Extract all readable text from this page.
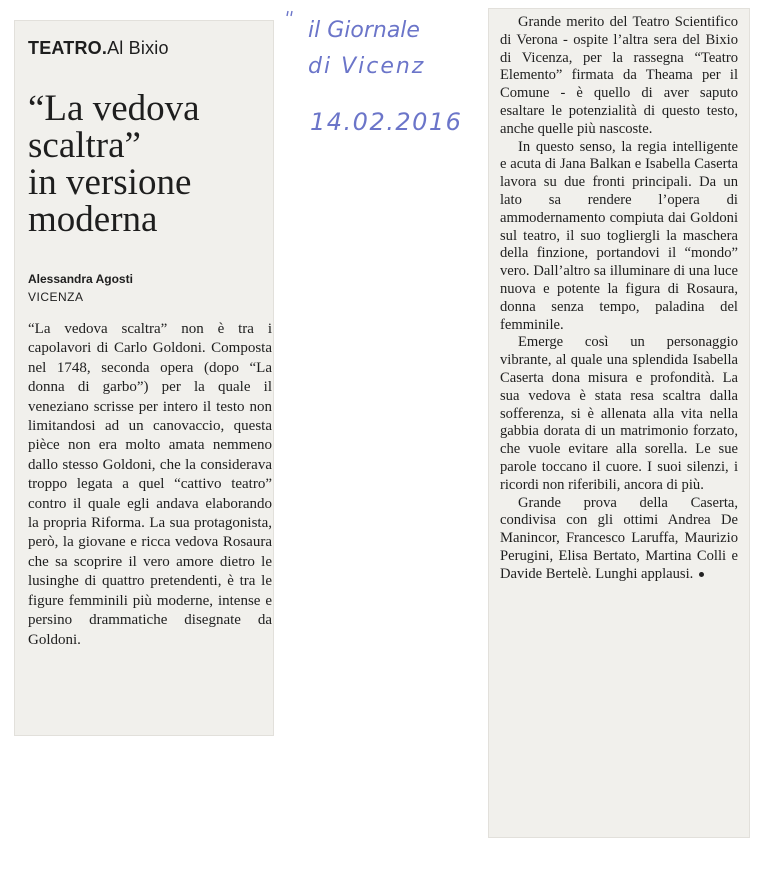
TEATRO.Al Bixio
“La vedova
scaltra”
in versione
moderna
Alessandra Agosti
VICENZA
“La vedova scaltra” non è tra i capolavori di Carlo Goldoni. Composta nel 1748, seconda opera (dopo “La donna di garbo”) per la quale il veneziano scrisse per intero il testo non limitandosi ad un canovaccio, questa pièce non era molto amata nemmeno dallo stesso Goldoni, che la considerava troppo legata a quel “cattivo teatro” contro il quale egli andava elaborando la propria Riforma. La sua protagonista, però, la giovane e ricca vedova Rosaura che sa scoprire il vero amore dietro le lusinghe di quattro pretendenti, è tra le figure femminili più moderne, intense e persino drammatiche disegnate da Goldoni.
il Giornale
di Vicenz
14.02.2016

Grande merito del Teatro Scientifico di Verona - ospite l’altra sera del Bixio di Vicenza, per la rassegna “Teatro Elemento” firmata da Theama per il Comune - è quello di aver saputo esaltare le potenzialità di questo testo, anche quelle più nascoste.

In questo senso, la regia intelligente e acuta di Jana Balkan e Isabella Caserta lavora su due fronti principali. Da un lato sa rendere l’opera di ammodernamento compiuta dai Goldoni sul teatro, il suo togliergli la maschera della finzione, portandovi il “mondo” vero. Dall’altro sa illuminare di una luce nuova e potente la figura di Rosaura, donna senza tempo, paladina del femminile.

Emerge così un personaggio vibrante, al quale una splendida Isabella Caserta dona misura e profondità. La sua vedova è stata resa scaltra dalla sofferenza, si è allenata alla vita nella gabbia dorata di un matrimonio forzato, che vuole evitare alla sorella. Le sue parole toccano il cuore. I suoi silenzi, i ricordi non riferibili, ancora di più.

Grande prova della Caserta, condivisa con gli ottimi Andrea De Manincor, Francesco Laruffa, Maurizio Perugini, Elisa Bertato, Martina Colli e Davide Bertelè. Lunghi applausi.
